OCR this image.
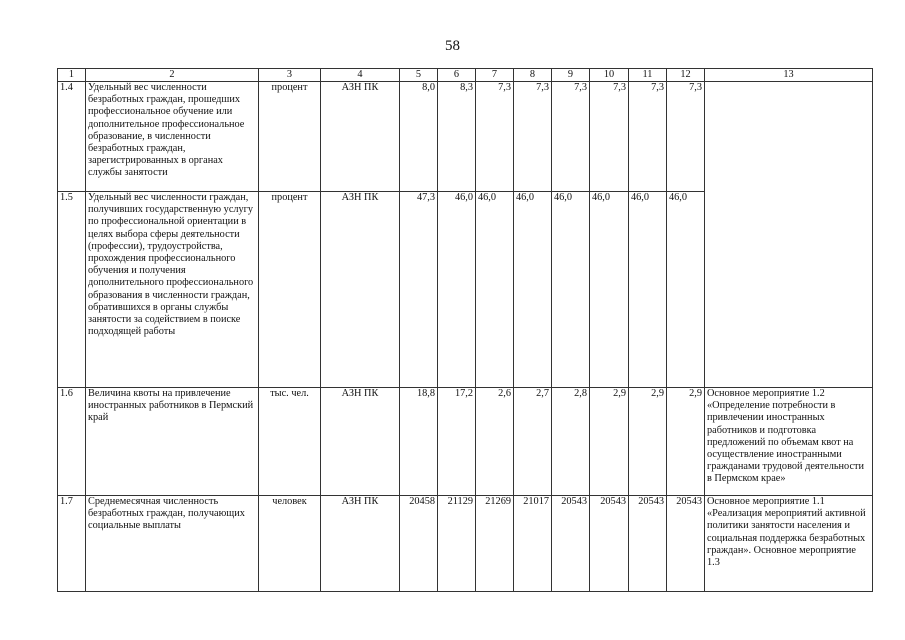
58
1	2	3	4	5	6	7	8	9	10	11	12	13
1.4	Удельный вес численности безработных граждан, прошедших профессиональное обучение или дополнительное профессиональное образование, в численности безработных граждан, зарегистрированных в органах службы занятости	процент	АЗН ПК	8,0	8,3	7,3	7,3	7,3	7,3	7,3	7,3	
1.5	Удельный вес численности граждан, получивших государственную услугу по профессиональной ориентации в целях выбора сферы деятельности (профессии), трудоустройства, прохождения профессионального обучения и получения дополнительного профессионального образования в численности граждан, обратившихся в органы службы занятости за содействием в поиске подходящей работы	процент	АЗН ПК	47,3	46,0	46,0	46,0	46,0	46,0	46,0	46,0	
1.6	Величина квоты на привлечение иностранных работников в Пермский край	тыс. чел.	АЗН ПК	18,8	17,2	2,6	2,7	2,8	2,9	2,9	2,9	Основное мероприятие 1.2 «Определение потребности в привлечении иностранных работников и подготовка предложений по объемам квот на осуществление иностранными гражданами трудовой деятельности в Пермском крае»
1.7	Среднемесячная численность безработных граждан, получающих социальные выплаты	человек	АЗН ПК	20458	21129	21269	21017	20543	20543	20543	20543	Основное мероприятие 1.1 «Реализация мероприятий активной политики занятости населения и социальная поддержка безработных граждан». Основное мероприятие 1.3
